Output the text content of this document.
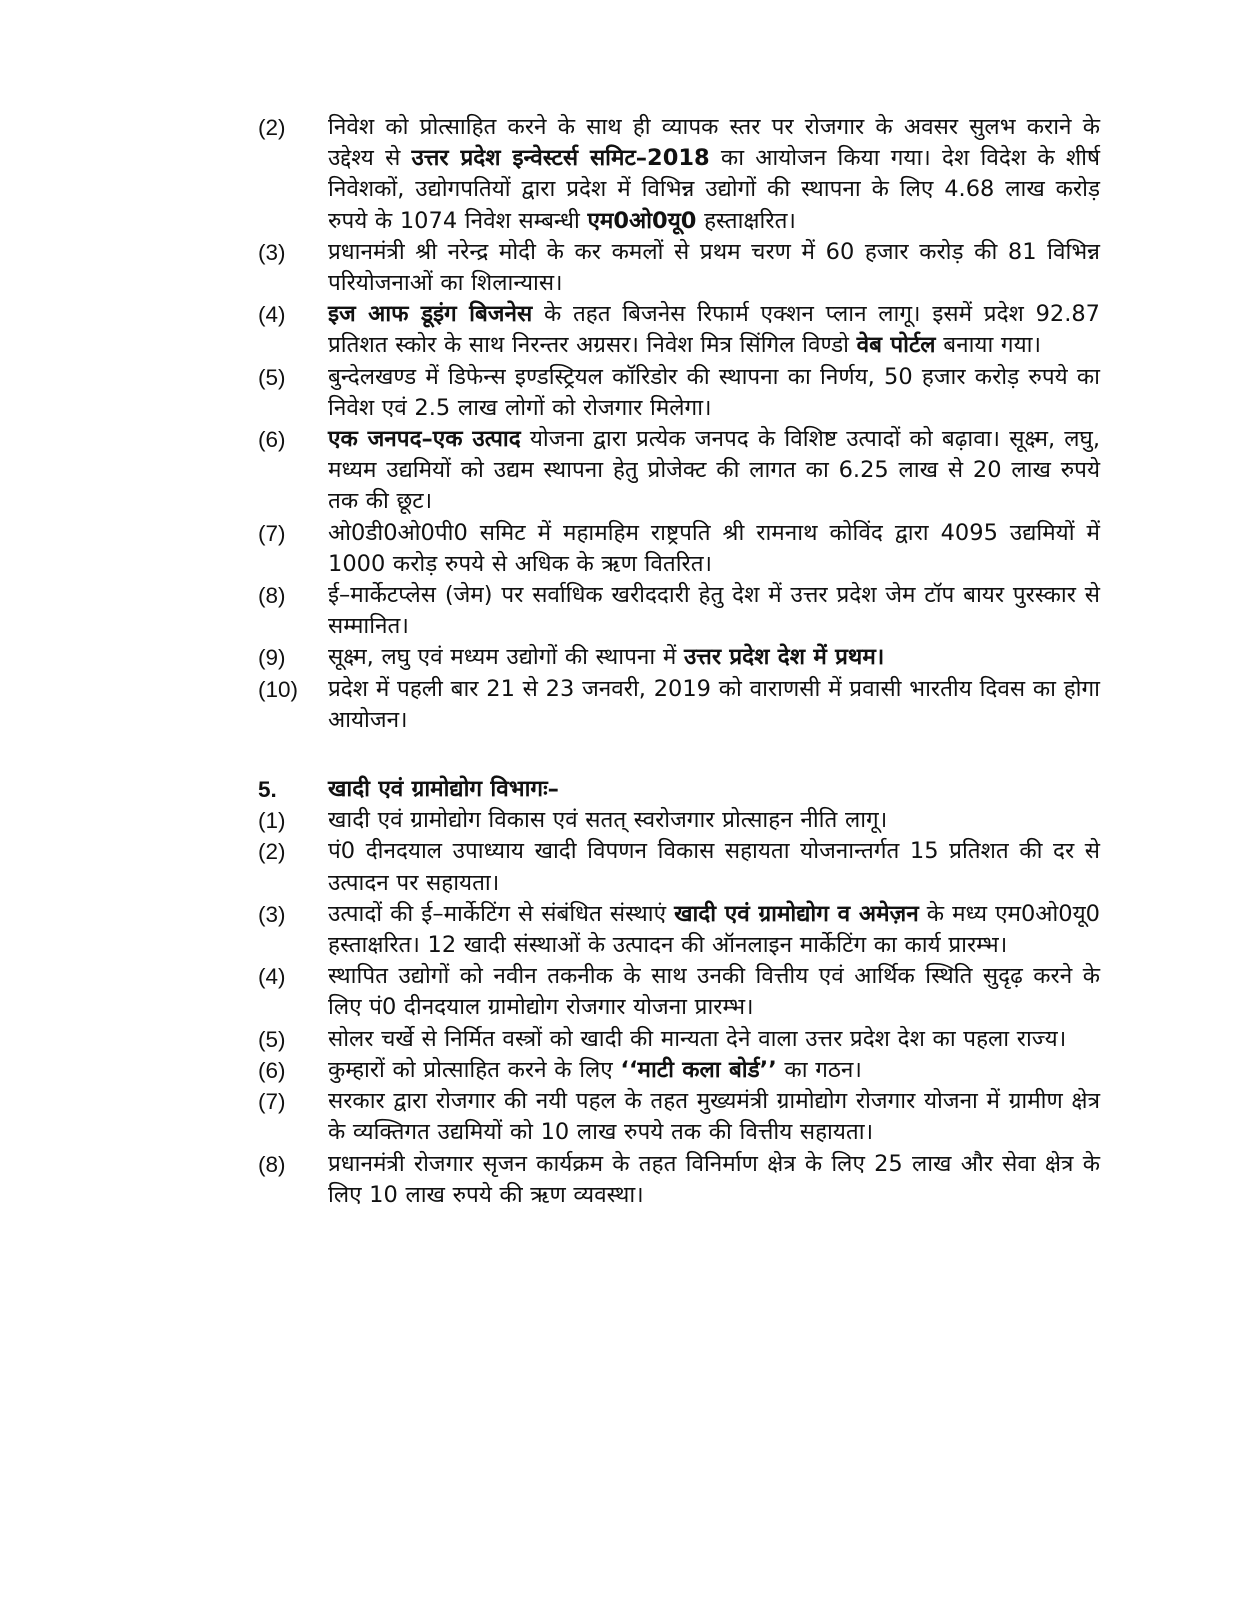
(2)	निवेश को प्रोत्साहित करने के साथ ही व्यापक स्तर पर रोजगार के अवसर सुलभ कराने के उद्देश्य से उत्तर प्रदेश इन्वेस्टर्स समिट–2018 का आयोजन किया गया। देश विदेश के शीर्ष निवेशकों, उद्योगपतियों द्वारा प्रदेश में विभिन्न उद्योगों की स्थापना के लिए 4.68 लाख करोड़ रुपये के 1074 निवेश सम्बन्धी एम0ओ0यू0 हस्ताक्षरित।
(3)	प्रधानमंत्री श्री नरेन्द्र मोदी के कर कमलों से प्रथम चरण में 60 हजार करोड़ की 81 विभिन्न परियोजनाओं का शिलान्यास।
(4)	इज आफ डूइंग बिजनेस के तहत बिजनेस रिफार्म एक्शन प्लान लागू। इसमें प्रदेश 92.87 प्रतिशत स्कोर के साथ निरन्तर अग्रसर। निवेश मित्र सिंगिल विण्डो वेब पोर्टल बनाया गया।
(5)	बुन्देलखण्ड में डिफेन्स इण्डस्ट्रियल कॉरिडोर की स्थापना का निर्णय, 50 हजार करोड़ रुपये का निवेश एवं 2.5 लाख लोगों को रोजगार मिलेगा।
(6)	एक जनपद–एक उत्पाद योजना द्वारा प्रत्येक जनपद के विशिष्ट उत्पादों को बढ़ावा। सूक्ष्म, लघु, मध्यम उद्यमियों को उद्यम स्थापना हेतु प्रोजेक्ट की लागत का 6.25 लाख से 20 लाख रुपये तक की छूट।
(7)	ओ0डी0ओ0पी0 समिट में महामहिम राष्ट्रपति श्री रामनाथ कोविंद द्वारा 4095 उद्यमियों में 1000 करोड़ रुपये से अधिक के ऋण वितरित।
(8)	ई–मार्केटप्लेस (जेम) पर सर्वाधिक खरीददारी हेतु देश में उत्तर प्रदेश जेम टॉप बायर पुरस्कार से सम्मानित।
(9)	सूक्ष्म, लघु एवं मध्यम उद्योगों की स्थापना में उत्तर प्रदेश देश में प्रथम।
(10)	प्रदेश में पहली बार 21 से 23 जनवरी, 2019 को वाराणसी में प्रवासी भारतीय दिवस का होगा आयोजन।
5.	खादी एवं ग्रामोद्योग विभागः–
(1)	खादी एवं ग्रामोद्योग विकास एवं सतत् स्वरोजगार प्रोत्साहन नीति लागू।
(2)	पं0 दीनदयाल उपाध्याय खादी विपणन विकास सहायता योजनान्तर्गत 15 प्रतिशत की दर से उत्पादन पर सहायता।
(3)	उत्पादों की ई–मार्केटिंग से संबंधित संस्थाएं खादी एवं ग्रामोद्योग व अमेज़न के मध्य एम0ओ0यू0 हस्ताक्षरित। 12 खादी संस्थाओं के उत्पादन की ऑनलाइन मार्केटिंग का कार्य प्रारम्भ।
(4)	स्थापित उद्योगों को नवीन तकनीक के साथ उनकी वित्तीय एवं आर्थिक स्थिति सुदृढ़ करने के लिए पं0 दीनदयाल ग्रामोद्योग रोजगार योजना प्रारम्भ।
(5)	सोलर चर्खे से निर्मित वस्त्रों को खादी की मान्यता देने वाला उत्तर प्रदेश देश का पहला राज्य।
(6)	कुम्हारों को प्रोत्साहित करने के लिए ‘‘माटी कला बोर्ड’’ का गठन।
(7)	सरकार द्वारा रोजगार की नयी पहल के तहत मुख्यमंत्री ग्रामोद्योग रोजगार योजना में ग्रामीण क्षेत्र के व्यक्तिगत उद्यमियों को 10 लाख रुपये तक की वित्तीय सहायता।
(8)	प्रधानमंत्री रोजगार सृजन कार्यक्रम के तहत विनिर्माण क्षेत्र के लिए 25 लाख और सेवा क्षेत्र के लिए 10 लाख रुपये की ऋण व्यवस्था।
